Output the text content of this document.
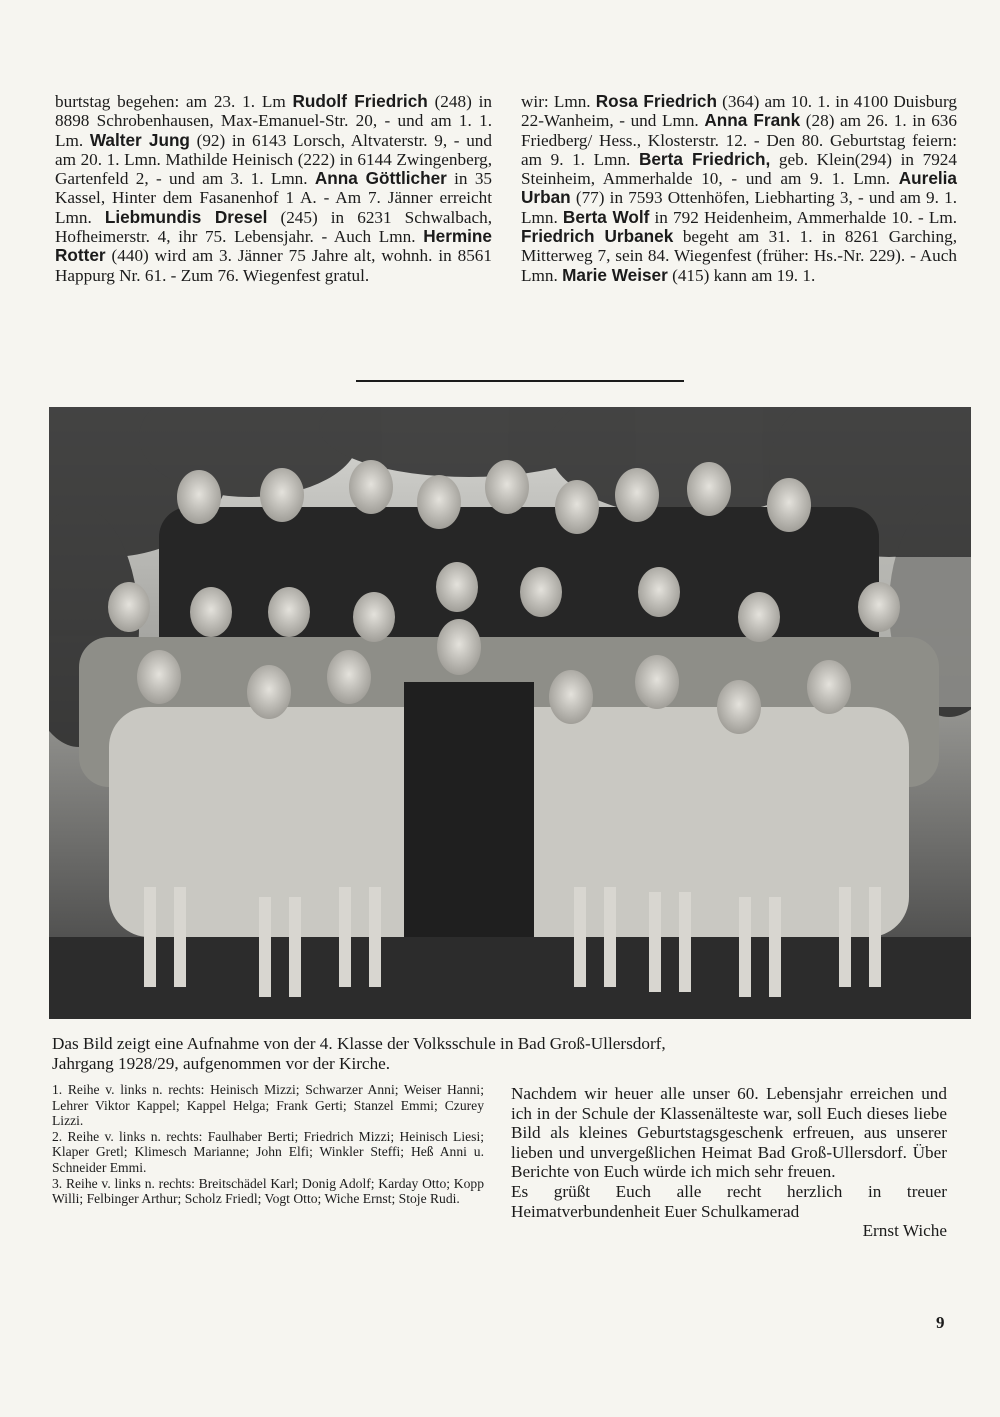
burtstag begehen: am 23. 1. Lm Rudolf Friedrich (248) in 8898 Schrobenhausen, Max-Emanuel-Str. 20, - und am 1. 1. Lm. Walter Jung (92) in 6143 Lorsch, Altvaterstr. 9, - und am 20. 1. Lmn. Mathilde Heinisch (222) in 6144 Zwingenberg, Gartenfeld 2, - und am 3. 1. Lmn. Anna Göttlicher in 35 Kassel, Hinter dem Fasanenhof 1 A. - Am 7. Jänner erreicht Lmn. Liebmundis Dresel (245) in 6231 Schwalbach, Hofheimerstr. 4, ihr 75. Lebensjahr. - Auch Lmn. Hermine Rotter (440) wird am 3. Jänner 75 Jahre alt, wohnh. in 8561 Happurg Nr. 61. - Zum 76. Wiegenfest gratul.

wir: Lmn. Rosa Friedrich (364) am 10. 1. in 4100 Duisburg 22-Wanheim, - und Lmn. Anna Frank (28) am 26. 1. in 636 Friedberg/ Hess., Klosterstr. 12. - Den 80. Geburtstag feiern: am 9. 1. Lmn. Berta Friedrich, geb. Klein(294) in 7924 Steinheim, Ammerhalde 10, - und am 9. 1. Lmn. Aurelia Urban (77) in 7593 Ottenhöfen, Liebharting 3, - und am 9. 1. Lmn. Berta Wolf in 792 Heidenheim, Ammerhalde 10. - Lm. Friedrich Urbanek begeht am 31. 1. in 8261 Garching, Mitterweg 7, sein 84. Wiegenfest (früher: Hs.-Nr. 229). - Auch Lmn. Marie Weiser (415) kann am 19. 1.

Das Bild zeigt eine Aufnahme von der 4. Klasse der Volksschule in Bad Groß-Ullersdorf,

Jahrgang 1928/29, aufgenommen vor der Kirche.

1. Reihe v. links n. rechts: Heinisch Mizzi; Schwarzer Anni; Weiser Hanni; Lehrer Viktor Kappel; Kappel Helga; Frank Gerti; Stanzel Emmi; Czurey Lizzi.

2. Reihe v. links n. rechts: Faulhaber Berti; Friedrich Mizzi; Heinisch Liesi; Klaper Gretl; Klimesch Marianne; John Elfi; Winkler Steffi; Heß Anni u. Schneider Emmi.

3. Reihe v. links n. rechts: Breitschädel Karl; Donig Adolf; Karday Otto; Kopp Willi; Felbinger Arthur; Scholz Friedl; Vogt Otto; Wiche Ernst; Stoje Rudi.

Nachdem wir heuer alle unser 60. Lebensjahr erreichen und ich in der Schule der Klassenälteste war, soll Euch dieses liebe Bild als kleines Geburtstagsgeschenk erfreuen, aus unserer lieben und unvergeßlichen Heimat Bad Groß-Ullersdorf. Über Berichte von Euch würde ich mich sehr freuen.

Es grüßt Euch alle recht herzlich in treuer Heimatverbundenheit Euer Schulkamerad

Ernst Wiche

9
